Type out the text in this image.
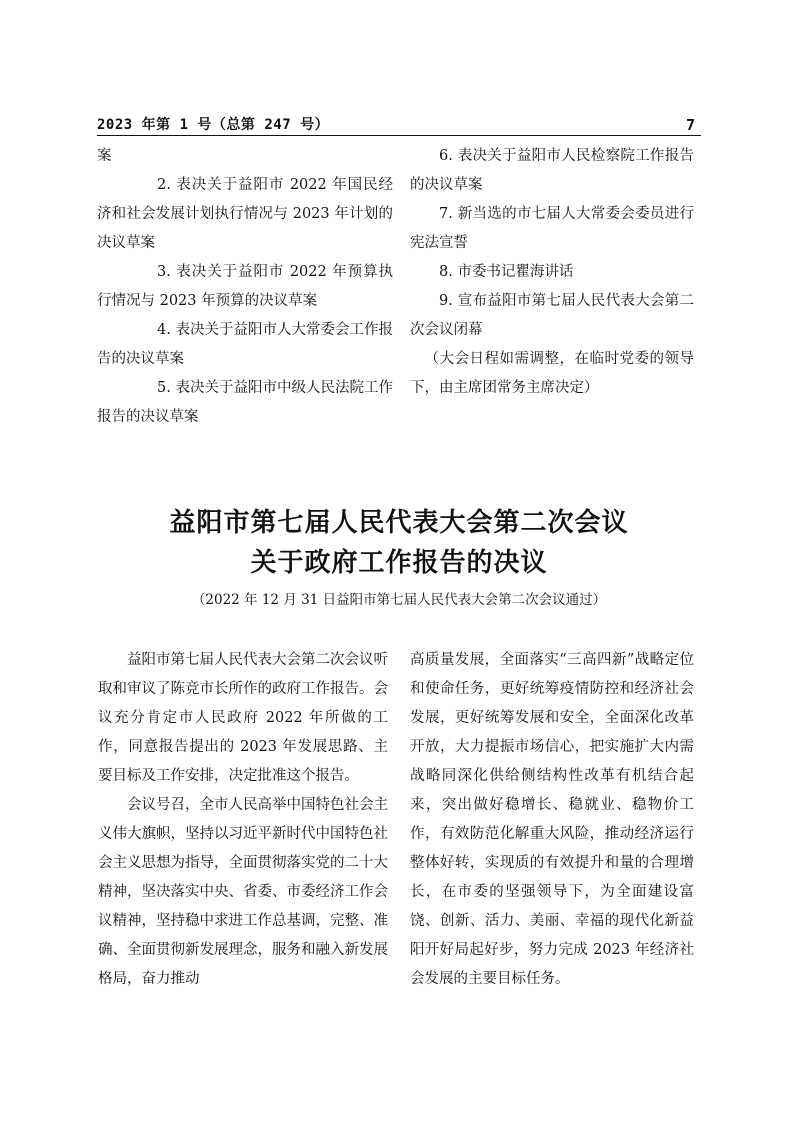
2023 年第 1 号（总第 247 号）	7

案

2. 表决关于益阳市 2022 年国民经济和社会发展计划执行情况与 2023 年计划的决议草案

3. 表决关于益阳市 2022 年预算执行情况与 2023 年预算的决议草案

4. 表决关于益阳市人大常委会工作报告的决议草案

5. 表决关于益阳市中级人民法院工作报告的决议草案

6. 表决关于益阳市人民检察院工作报告的决议草案

7. 新当选的市七届人大常委会委员进行宪法宣誓

8. 市委书记瞿海讲话

9. 宣布益阳市第七届人民代表大会第二次会议闭幕

（大会日程如需调整，在临时党委的领导下，由主席团常务主席决定）

益阳市第七届人民代表大会第二次会议
关于政府工作报告的决议
（2022 年 12 月 31 日益阳市第七届人民代表大会第二次会议通过）

益阳市第七届人民代表大会第二次会议听取和审议了陈竞市长所作的政府工作报告。会议充分肯定市人民政府 2022 年所做的工作，同意报告提出的 2023 年发展思路、主要目标及工作安排，决定批准这个报告。

会议号召，全市人民高举中国特色社会主义伟大旗帜，坚持以习近平新时代中国特色社会主义思想为指导，全面贯彻落实党的二十大精神，坚决落实中央、省委、市委经济工作会议精神，坚持稳中求进工作总基调，完整、准确、全面贯彻新发展理念，服务和融入新发展格局，奋力推动

高质量发展，全面落实“三高四新”战略定位和使命任务，更好统筹疫情防控和经济社会发展，更好统筹发展和安全，全面深化改革开放，大力提振市场信心，把实施扩大内需战略同深化供给侧结构性改革有机结合起来，突出做好稳增长、稳就业、稳物价工作，有效防范化解重大风险，推动经济运行整体好转，实现质的有效提升和量的合理增长，在市委的坚强领导下，为全面建设富饶、创新、活力、美丽、幸福的现代化新益阳开好局起好步，努力完成 2023 年经济社会发展的主要目标任务。
